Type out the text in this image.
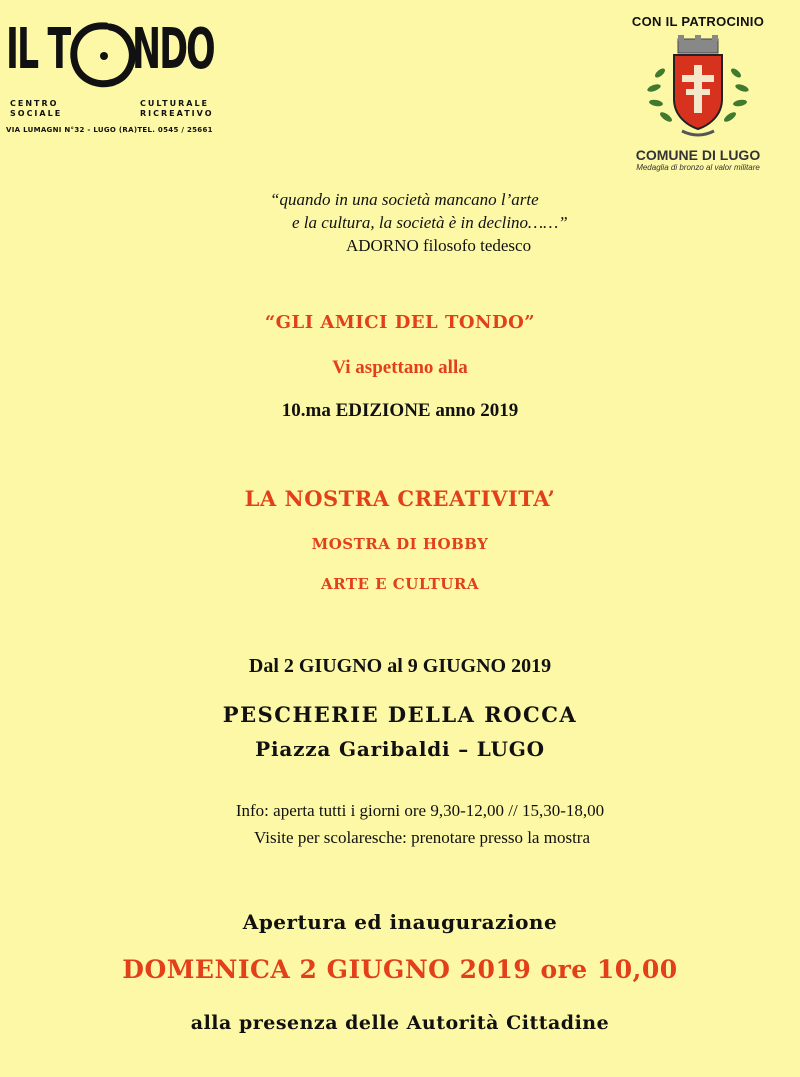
IL T NDO
CENTRO
SOCIALE
CULTURALE
RICREATIVO
VIA LUMAGNI N°32 - LUGO (RA)TEL. 0545 / 25661
CON IL PATROCINIO
COMUNE DI LUGO
Medaglia di bronzo al valor militare
“quando in una società mancano l’arte
e la cultura, la società è in declino……”
ADORNO filosofo tedesco
“GLI AMICI DEL TONDO”
Vi aspettano alla
10.ma EDIZIONE anno 2019
LA NOSTRA CREATIVITA’
MOSTRA DI HOBBY
ARTE E CULTURA
Dal 2 GIUGNO al 9 GIUGNO 2019
PESCHERIE DELLA ROCCA
Piazza Garibaldi – LUGO
Info: aperta tutti i giorni ore 9,30-12,00 // 15,30-18,00
Visite per scolaresche: prenotare presso la mostra
Apertura ed inaugurazione
DOMENICA 2 GIUGNO 2019 ore 10,00
alla presenza delle Autorità Cittadine
